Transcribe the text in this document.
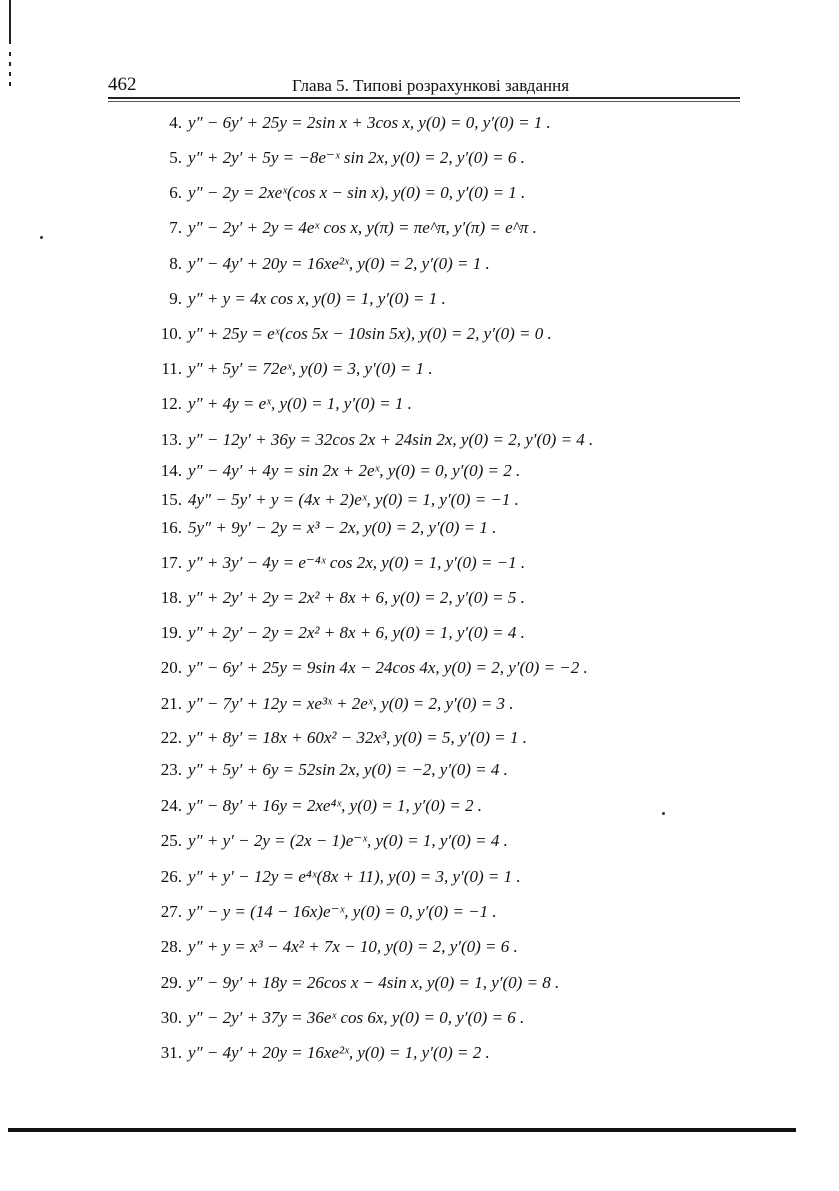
462	Глава 5. Типові розрахункові завдання
4. y″ − 6y′ + 25y = 2sin x + 3cos x, y(0) = 0, y′(0) = 1 .
5. y″ + 2y′ + 5y = −8e⁻ˣ sin 2x, y(0) = 2, y′(0) = 6 .
6. y″ − 2y = 2xeˣ(cos x − sin x), y(0) = 0, y′(0) = 1 .
7. y″ − 2y′ + 2y = 4eˣ cos x, y(π) = πe^π, y′(π) = e^π .
8. y″ − 4y′ + 20y = 16xe²ˣ, y(0) = 2, y′(0) = 1 .
9. y″ + y = 4x cos x, y(0) = 1, y′(0) = 1 .
10. y″ + 25y = eˣ(cos 5x − 10sin 5x), y(0) = 2, y′(0) = 0 .
11. y″ + 5y′ = 72eˣ, y(0) = 3, y′(0) = 1 .
12. y″ + 4y = eˣ, y(0) = 1, y′(0) = 1 .
13. y″ − 12y′ + 36y = 32cos 2x + 24sin 2x, y(0) = 2, y′(0) = 4 .
14. y″ − 4y′ + 4y = sin 2x + 2eˣ, y(0) = 0, y′(0) = 2 .
15. 4y″ − 5y′ + y = (4x + 2)eˣ, y(0) = 1, y′(0) = −1 .
16. 5y″ + 9y′ − 2y = x³ − 2x, y(0) = 2, y′(0) = 1 .
17. y″ + 3y′ − 4y = e⁻⁴ˣ cos 2x, y(0) = 1, y′(0) = −1 .
18. y″ + 2y′ + 2y = 2x² + 8x + 6, y(0) = 2, y′(0) = 5 .
19. y″ + 2y′ − 2y = 2x² + 8x + 6, y(0) = 1, y′(0) = 4 .
20. y″ − 6y′ + 25y = 9sin 4x − 24cos 4x, y(0) = 2, y′(0) = −2 .
21. y″ − 7y′ + 12y = xe³ˣ + 2eˣ, y(0) = 2, y′(0) = 3 .
22. y″ + 8y′ = 18x + 60x² − 32x³, y(0) = 5, y′(0) = 1 .
23. y″ + 5y′ + 6y = 52sin 2x, y(0) = −2, y′(0) = 4 .
24. y″ − 8y′ + 16y = 2xe⁴ˣ, y(0) = 1, y′(0) = 2 .
25. y″ + y′ − 2y = (2x − 1)e⁻ˣ, y(0) = 1, y′(0) = 4 .
26. y″ + y′ − 12y = e⁴ˣ(8x + 11), y(0) = 3, y′(0) = 1 .
27. y″ − y = (14 − 16x)e⁻ˣ, y(0) = 0, y′(0) = −1 .
28. y″ + y = x³ − 4x² + 7x − 10, y(0) = 2, y′(0) = 6 .
29. y″ − 9y′ + 18y = 26cos x − 4sin x, y(0) = 1, y′(0) = 8 .
30. y″ − 2y′ + 37y = 36eˣ cos 6x, y(0) = 0, y′(0) = 6 .
31. y″ − 4y′ + 20y = 16xe²ˣ, y(0) = 1, y′(0) = 2 .
